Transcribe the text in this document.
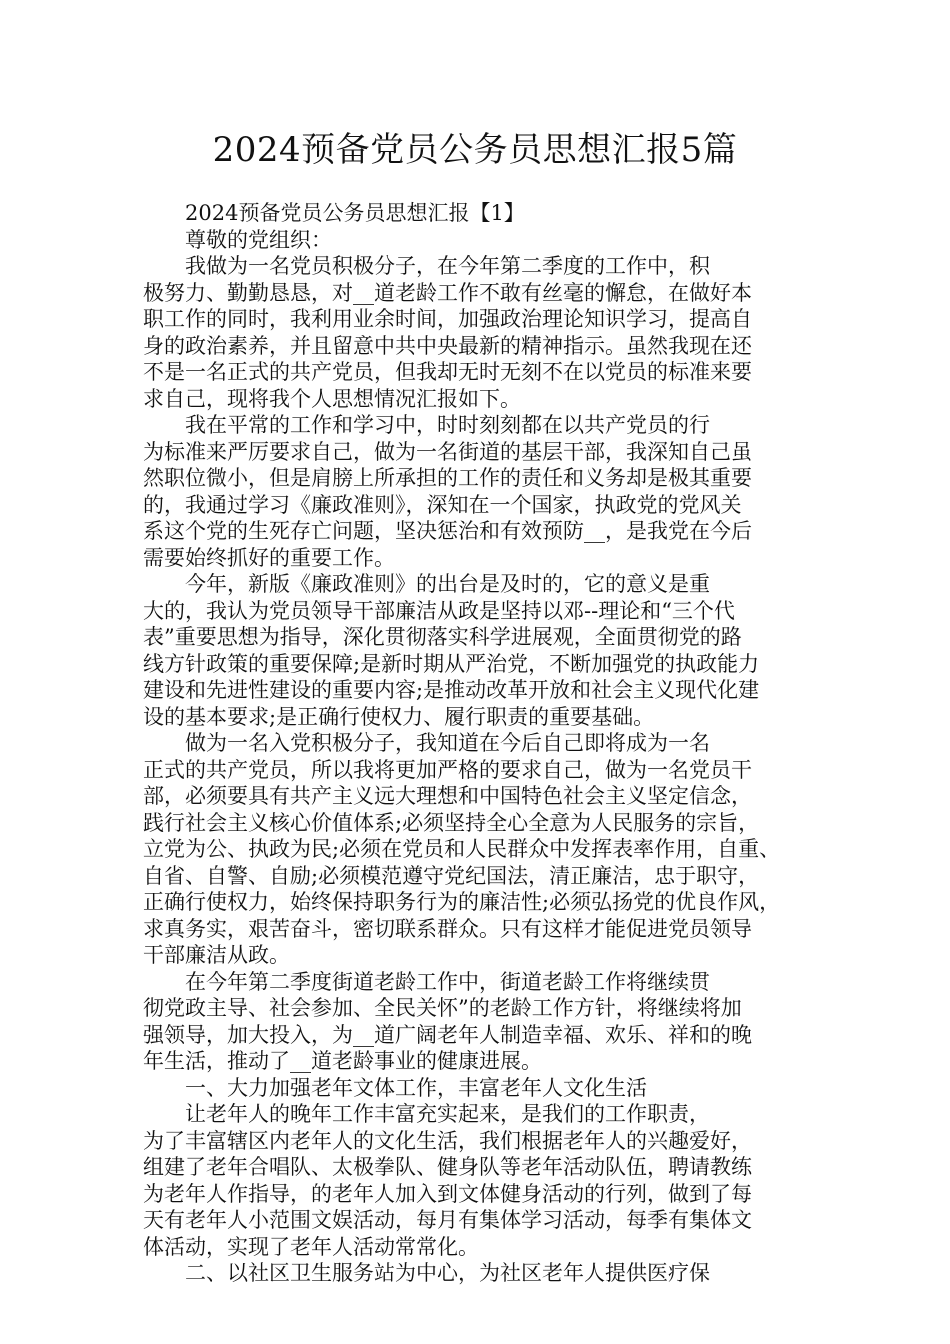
2024预备党员公务员思想汇报5篇

2024预备党员公务员思想汇报【1】

尊敬的党组织：

我做为一名党员积极分子，在今年第二季度的工作中，积

极努力、勤勤恳恳，对__道老龄工作不敢有丝毫的懈怠，在做好本

职工作的同时，我利用业余时间，加强政治理论知识学习，提高自

身的政治素养，并且留意中共中央最新的精神指示。虽然我现在还

不是一名正式的共产党员，但我却无时无刻不在以党员的标准来要

求自己，现将我个人思想情况汇报如下。

我在平常的工作和学习中，时时刻刻都在以共产党员的行

为标准来严厉要求自己，做为一名街道的基层干部，我深知自己虽

然职位微小，但是肩膀上所承担的工作的责任和义务却是极其重要

的，我通过学习《廉政准则》，深知在一个国家，执政党的党风关

系这个党的生死存亡问题，坚决惩治和有效预防__，是我党在今后

需要始终抓好的重要工作。

今年，新版《廉政准则》的出台是及时的，它的意义是重

大的，我认为党员领导干部廉洁从政是坚持以邓--理论和“三个代

表”重要思想为指导，深化贯彻落实科学进展观，全面贯彻党的路

线方针政策的重要保障;是新时期从严治党，不断加强党的执政能力

建设和先进性建设的重要内容;是推动改革开放和社会主义现代化建

设的基本要求;是正确行使权力、履行职责的重要基础。

做为一名入党积极分子，我知道在今后自己即将成为一名

正式的共产党员，所以我将更加严格的要求自己，做为一名党员干

部，必须要具有共产主义远大理想和中国特色社会主义坚定信念，

践行社会主义核心价值体系;必须坚持全心全意为人民服务的宗旨，

立党为公、执政为民;必须在党员和人民群众中发挥表率作用，自重、

自省、自警、自励;必须模范遵守党纪国法，清正廉洁，忠于职守，

正确行使权力，始终保持职务行为的廉洁性;必须弘扬党的优良作风，

求真务实，艰苦奋斗，密切联系群众。只有这样才能促进党员领导

干部廉洁从政。

在今年第二季度街道老龄工作中，街道老龄工作将继续贯

彻党政主导、社会参加、全民关怀”的老龄工作方针，将继续将加

强领导，加大投入，为__道广阔老年人制造幸福、欢乐、祥和的晚

年生活，推动了__道老龄事业的健康进展。

一、大力加强老年文体工作，丰富老年人文化生活

让老年人的晚年工作丰富充实起来，是我们的工作职责，

为了丰富辖区内老年人的文化生活，我们根据老年人的兴趣爱好，

组建了老年合唱队、太极拳队、健身队等老年活动队伍，聘请教练

为老年人作指导，的老年人加入到文体健身活动的行列，做到了每

天有老年人小范围文娱活动，每月有集体学习活动，每季有集体文

体活动，实现了老年人活动常常化。

二、以社区卫生服务站为中心，为社区老年人提供医疗保
